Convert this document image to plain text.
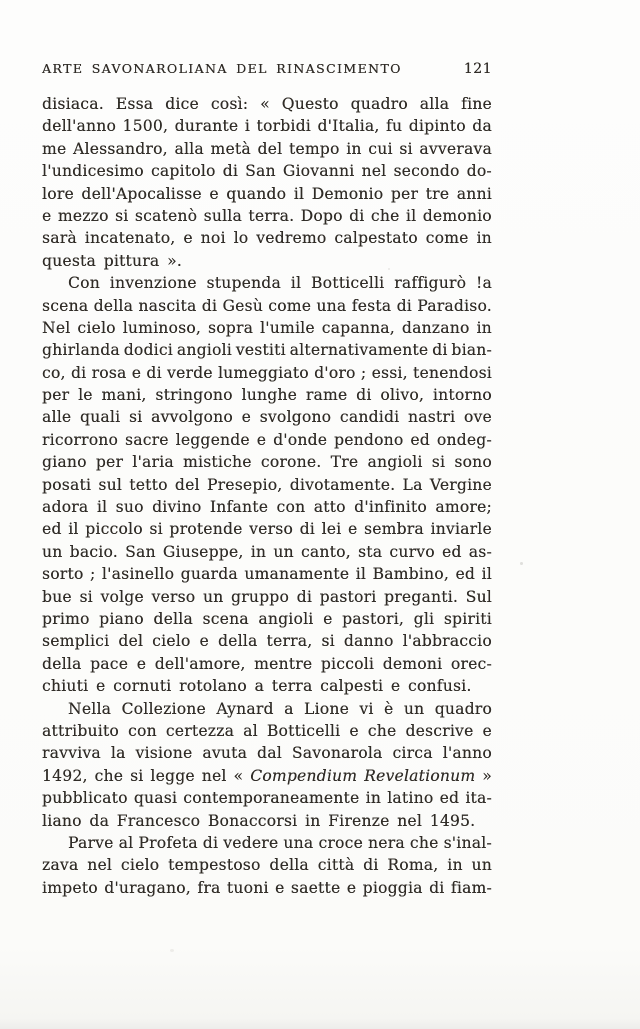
ARTE SAVONAROLIANA DEL RINASCIMENTO	121
disiaca. Essa dice così: « Questo quadro alla fine
dell'anno 1500, durante i torbidi d'Italia, fu dipinto da
me Alessandro, alla metà del tempo in cui si avverava
l'undicesimo capitolo di San Giovanni nel secondo do-
lore dell'Apocalisse e quando il Demonio per tre anni
e mezzo si scatenò sulla terra. Dopo di che il demonio
sarà incatenato, e noi lo vedremo calpestato come in
questa pittura ».
Con invenzione stupenda il Botticelli raffigurò !a
scena della nascita di Gesù come una festa di Paradiso.
Nel cielo luminoso, sopra l'umile capanna, danzano in
ghirlanda dodici angioli vestiti alternativamente di bian-
co, di rosa e di verde lumeggiato d'oro ; essi, tenendosi
per le mani, stringono lunghe rame di olivo, intorno
alle quali si avvolgono e svolgono candidi nastri ove
ricorrono sacre leggende e d'onde pendono ed ondeg-
giano per l'aria mistiche corone. Tre angioli si sono
posati sul tetto del Presepio, divotamente. La Vergine
adora il suo divino Infante con atto d'infinito amore;
ed il piccolo si protende verso di lei e sembra inviarle
un bacio. San Giuseppe, in un canto, sta curvo ed as-
sorto ; l'asinello guarda umanamente il Bambino, ed il
bue si volge verso un gruppo di pastori preganti. Sul
primo piano della scena angioli e pastori, gli spiriti
semplici del cielo e della terra, si danno l'abbraccio
della pace e dell'amore, mentre piccoli demoni orec-
chiuti e cornuti rotolano a terra calpesti e confusi.
Nella Collezione Aynard a Lione vi è un quadro
attribuito con certezza al Botticelli e che descrive e
ravviva la visione avuta dal Savonarola circa l'anno
1492, che si legge nel « Compendium Revelationum »
pubblicato quasi contemporaneamente in latino ed ita-
liano da Francesco Bonaccorsi in Firenze nel 1495.
Parve al Profeta di vedere una croce nera che s'inal-
zava nel cielo tempestoso della città di Roma, in un
impeto d'uragano, fra tuoni e saette e pioggia di fiam-
